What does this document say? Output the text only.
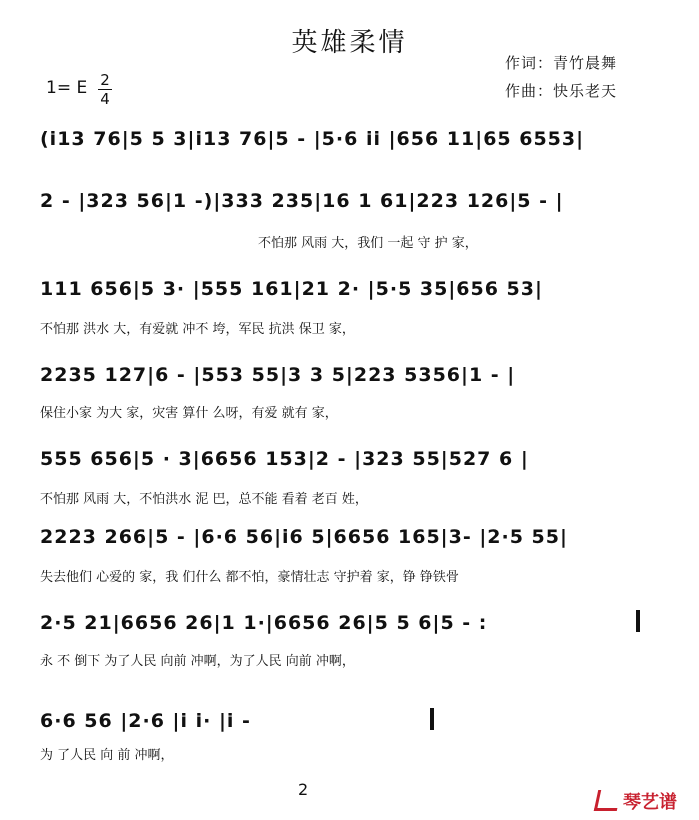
英雄柔情
作词：青竹晨舞
作曲：快乐老天
1= E 2
4
(i13 76|5 5 3|i13 76|5 - |5·6 ii |656 11|65 6553|
2 - |323 56|1 -)|333 235|16 1 61|223 126|5 - |
不怕那 风雨 大，我们 一起 守 护 家，
111 656|5 3· |555 161|21 2· |5·5 35|656 53|
不怕那 洪水 大，有爱就 冲不 垮，军民 抗洪 保卫 家，
2235 127|6 - |553 55|3 3 5|223 5356|1 - |
保住小家 为大 家，灾害 算什 么呀，有爱 就有 家，
555 656|5 · 3|6656 153|2 - |323 55|527 6 |
不怕那 风雨 大，不怕洪水 泥 巴，总不能 看着 老百 姓，
2223 266|5 - |6·6 56|i6 5|6656 165|3- |2·5 55|
失去他们 心爱的 家，我 们什么 都不怕，豪情壮志 守护着 家，铮 铮铁骨
2·5 21|6656 26|1 1·|6656 26|5 5 6|5 - :
永 不 倒下 为了人民 向前 冲啊，为了人民 向前 冲啊，
6·6 56 |2·6 |i i· |i -
为 了人民 向 前 冲啊，
2
琴艺谱
